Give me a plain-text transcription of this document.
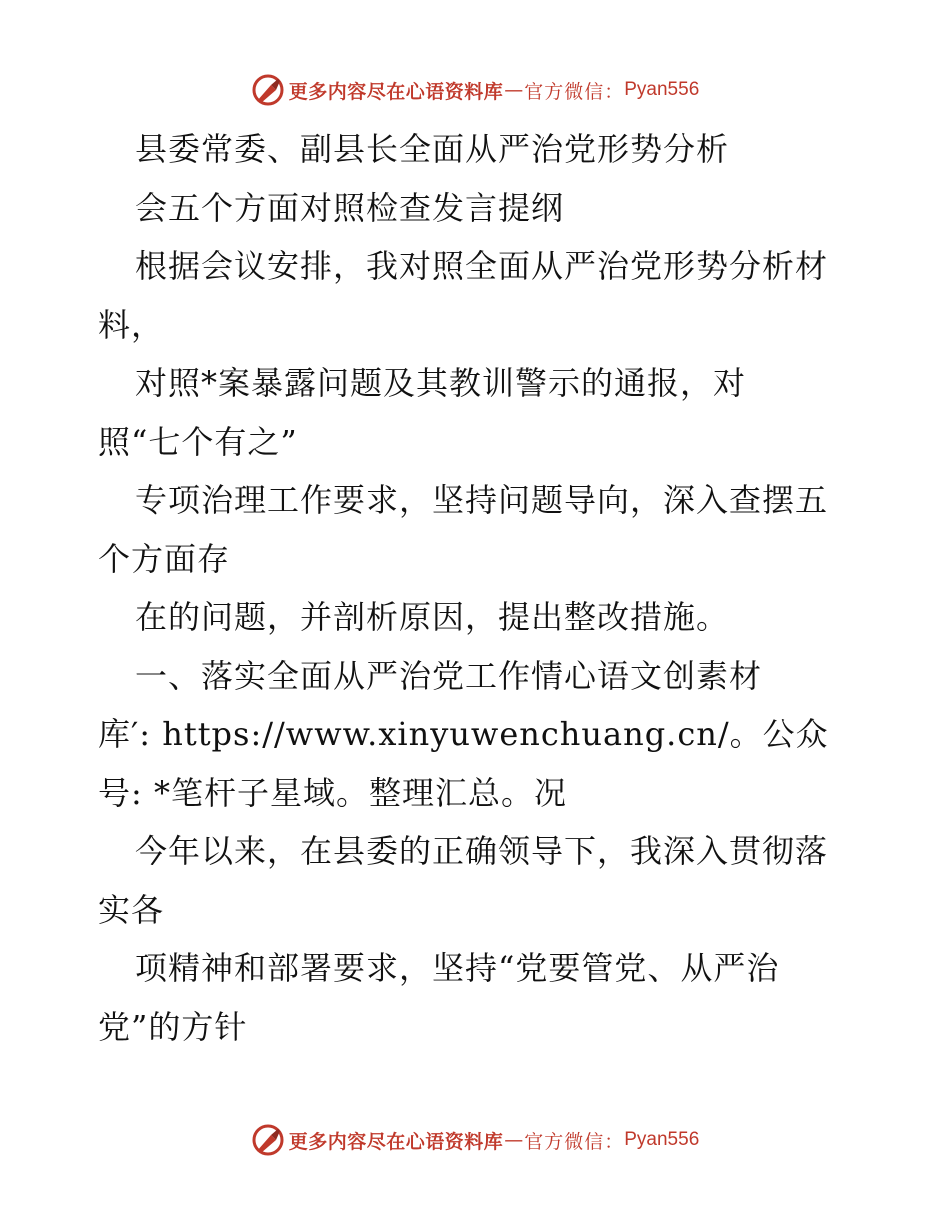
更多内容尽在心语资料库 — 官方微信： Pyan556
县委常委、副县长全面从严治党形势分析
会五个方面对照检查发言提纲
根据会议安排，我对照全面从严治党形势分析材
料，
对照*案暴露问题及其教训警示的通报，对
照“七个有之”
专项治理工作要求，坚持问题导向，深入查摆五
个方面存
在的问题，并剖析原因，提出整改措施。
一、落实全面从严治党工作情心语文创素材
库′: https://www.xinyuwenchuang.cn/。公众
号: *笔杆子星域。整理汇总。况
今年以来，在县委的正确领导下，我深入贯彻落
实各
项精神和部署要求，坚持“党要管党、从严治
党”的方针
更多内容尽在心语资料库 — 官方微信： Pyan556
